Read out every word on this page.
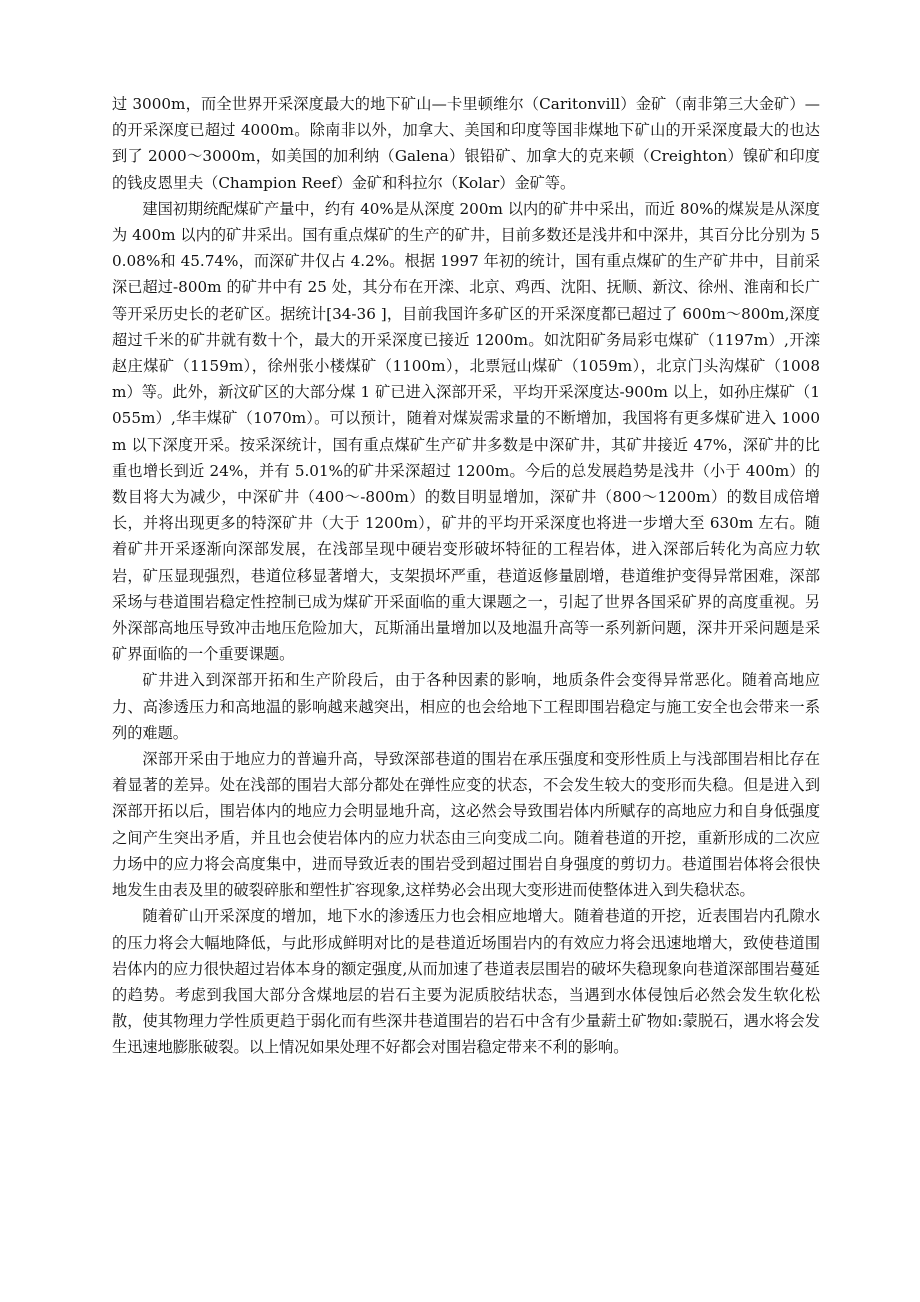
过 3000m，而全世界开采深度最大的地下矿山—卡里顿维尔（Caritonvill）金矿（南非第三大金矿）—的开采深度已超过 4000m。除南非以外，加拿大、美国和印度等国非煤地下矿山的开采深度最大的也达到了 2000～3000m，如美国的加利纳（Galena）银铅矿、加拿大的克来顿（Creighton）镍矿和印度的钱皮恩里夫（Champion Reef）金矿和科拉尔（Kolar）金矿等。

建国初期统配煤矿产量中，约有 40%是从深度 200m 以内的矿井中采出，而近 80%的煤炭是从深度为 400m 以内的矿井采出。国有重点煤矿的生产的矿井，目前多数还是浅井和中深井，其百分比分别为 50.08%和 45.74%，而深矿井仅占 4.2%。根据 1997 年初的统计，国有重点煤矿的生产矿井中，目前采深已超过-800m 的矿井中有 25 处，其分布在开滦、北京、鸡西、沈阳、抚顺、新汶、徐州、淮南和长广等开采历史长的老矿区。据统计[34-36 ]，目前我国许多矿区的开采深度都已超过了 600m～800m,深度超过千米的矿井就有数十个，最大的开采深度已接近 1200m。如沈阳矿务局彩屯煤矿（1197m）,开滦赵庄煤矿（1159m），徐州张小楼煤矿（1100m），北票冠山煤矿（1059m），北京门头沟煤矿（1008m）等。此外，新汶矿区的大部分煤 1 矿已进入深部开采，平均开采深度达-900m 以上，如孙庄煤矿（1055m）,华丰煤矿（1070m）。可以预计，随着对煤炭需求量的不断增加，我国将有更多煤矿进入 1000m 以下深度开采。按采深统计，国有重点煤矿生产矿井多数是中深矿井，其矿井接近 47%，深矿井的比重也增长到近 24%，并有 5.01%的矿井采深超过 1200m。今后的总发展趋势是浅井（小于 400m）的数目将大为减少，中深矿井（400～-800m）的数目明显增加，深矿井（800～1200m）的数目成倍增长，并将出现更多的特深矿井（大于 1200m），矿井的平均开采深度也将进一步增大至 630m 左右。随着矿井开采逐渐向深部发展，在浅部呈现中硬岩变形破坏特征的工程岩体，进入深部后转化为高应力软岩，矿压显现强烈，巷道位移显著增大，支架损坏严重，巷道返修量剧增，巷道维护变得异常困难，深部采场与巷道围岩稳定性控制已成为煤矿开采面临的重大课题之一，引起了世界各国采矿界的高度重视。另外深部高地压导致冲击地压危险加大，瓦斯涌出量增加以及地温升高等一系列新问题，深井开采问题是采矿界面临的一个重要课题。

矿井进入到深部开拓和生产阶段后，由于各种因素的影响，地质条件会变得异常恶化。随着高地应力、高渗透压力和高地温的影响越来越突出，相应的也会给地下工程即围岩稳定与施工安全也会带来一系列的难题。

深部开采由于地应力的普遍升高，导致深部巷道的围岩在承压强度和变形性质上与浅部围岩相比存在着显著的差异。处在浅部的围岩大部分都处在弹性应变的状态，不会发生较大的变形而失稳。但是进入到深部开拓以后，围岩体内的地应力会明显地升高，这必然会导致围岩体内所赋存的高地应力和自身低强度之间产生突出矛盾，并且也会使岩体内的应力状态由三向变成二向。随着巷道的开挖，重新形成的二次应力场中的应力将会高度集中，进而导致近表的围岩受到超过围岩自身强度的剪切力。巷道围岩体将会很快地发生由表及里的破裂碎胀和塑性扩容现象,这样势必会出现大变形进而使整体进入到失稳状态。

随着矿山开采深度的增加，地下水的渗透压力也会相应地增大。随着巷道的开挖，近表围岩内孔隙水的压力将会大幅地降低，与此形成鲜明对比的是巷道近场围岩内的有效应力将会迅速地增大，致使巷道围岩体内的应力很快超过岩体本身的额定强度,从而加速了巷道表层围岩的破坏失稳现象向巷道深部围岩蔓延的趋势。考虑到我国大部分含煤地层的岩石主要为泥质胶结状态，当遇到水体侵蚀后必然会发生软化松散，使其物理力学性质更趋于弱化而有些深井巷道围岩的岩石中含有少量薪土矿物如:蒙脱石，遇水将会发生迅速地膨胀破裂。以上情况如果处理不好都会对围岩稳定带来不利的影响。
